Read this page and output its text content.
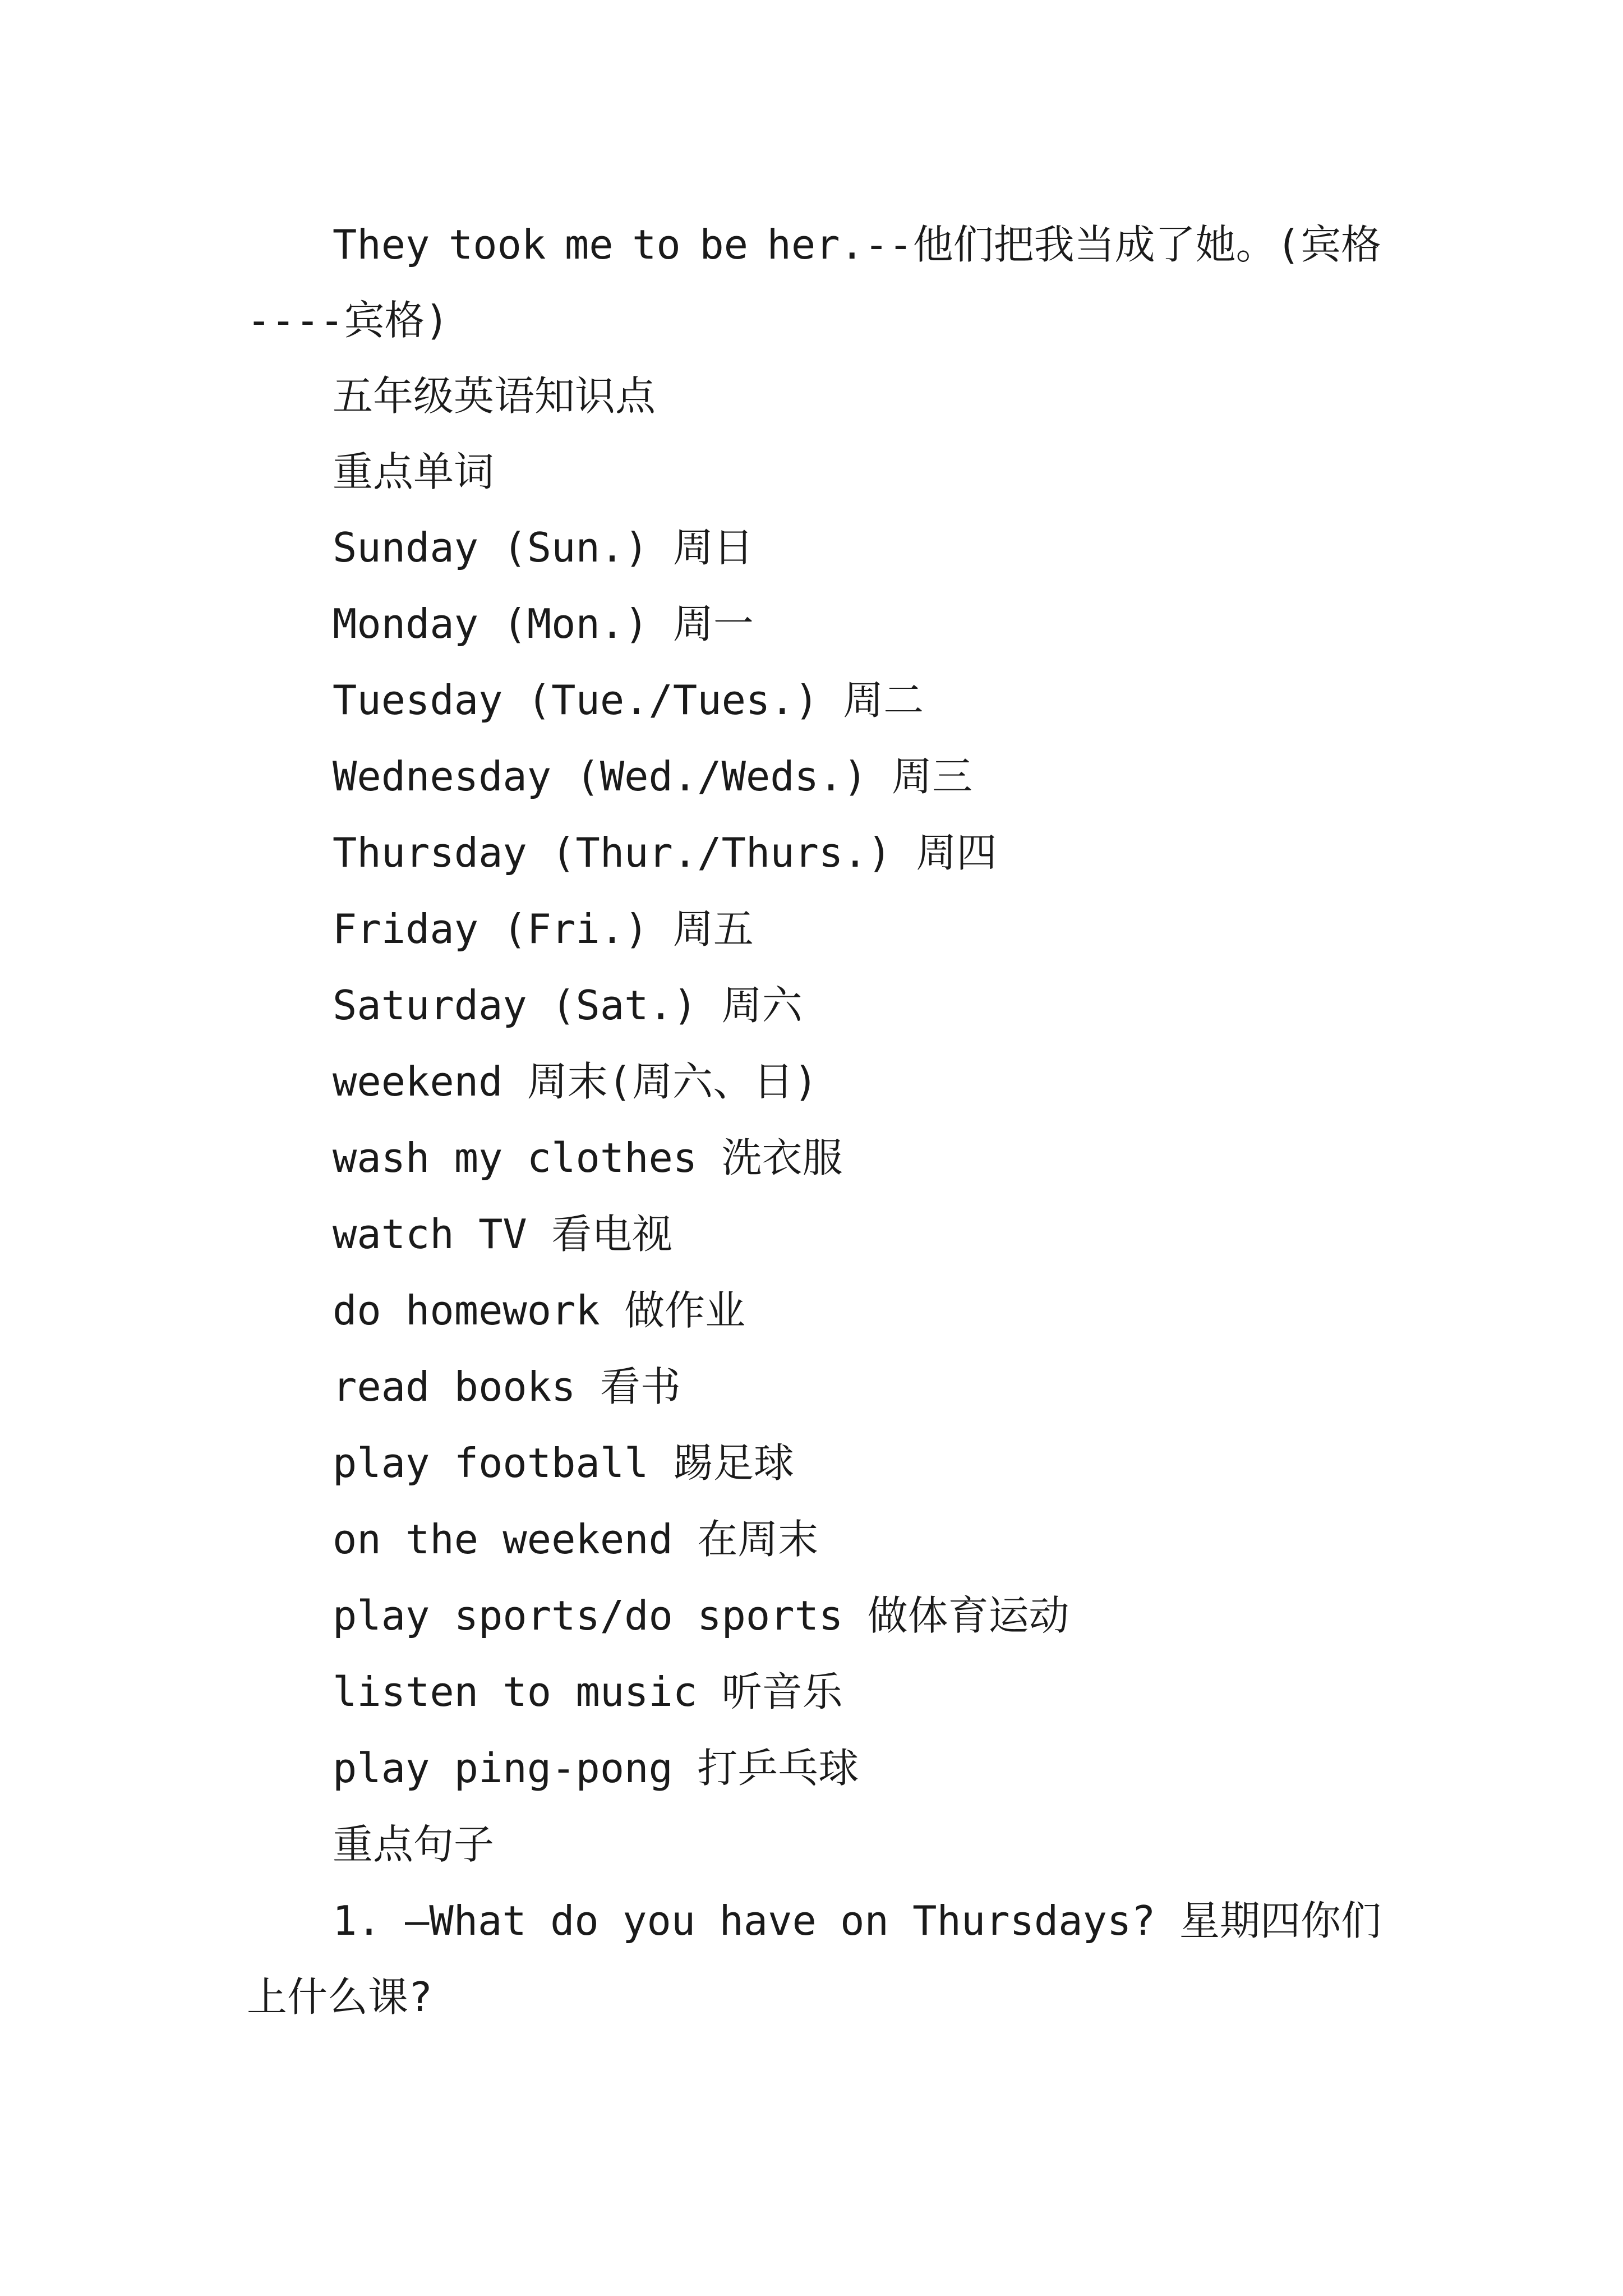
They took me to be her.--他们把我当成了她。(宾格
----宾格)
五年级英语知识点
重点单词
Sunday (Sun.) 周日
Monday (Mon.) 周一
Tuesday (Tue./Tues.) 周二
Wednesday (Wed./Weds.) 周三
Thursday (Thur./Thurs.) 周四
Friday (Fri.) 周五
Saturday (Sat.) 周六
weekend 周末(周六、日)
wash my clothes 洗衣服
watch TV 看电视
do homework 做作业
read books 看书
play football 踢足球
on the weekend 在周末
play sports/do sports 做体育运动
listen to music 听音乐
play ping-pong 打乒乓球
重点句子
1. —What do you have on Thursdays? 星期四你们
上什么课?
